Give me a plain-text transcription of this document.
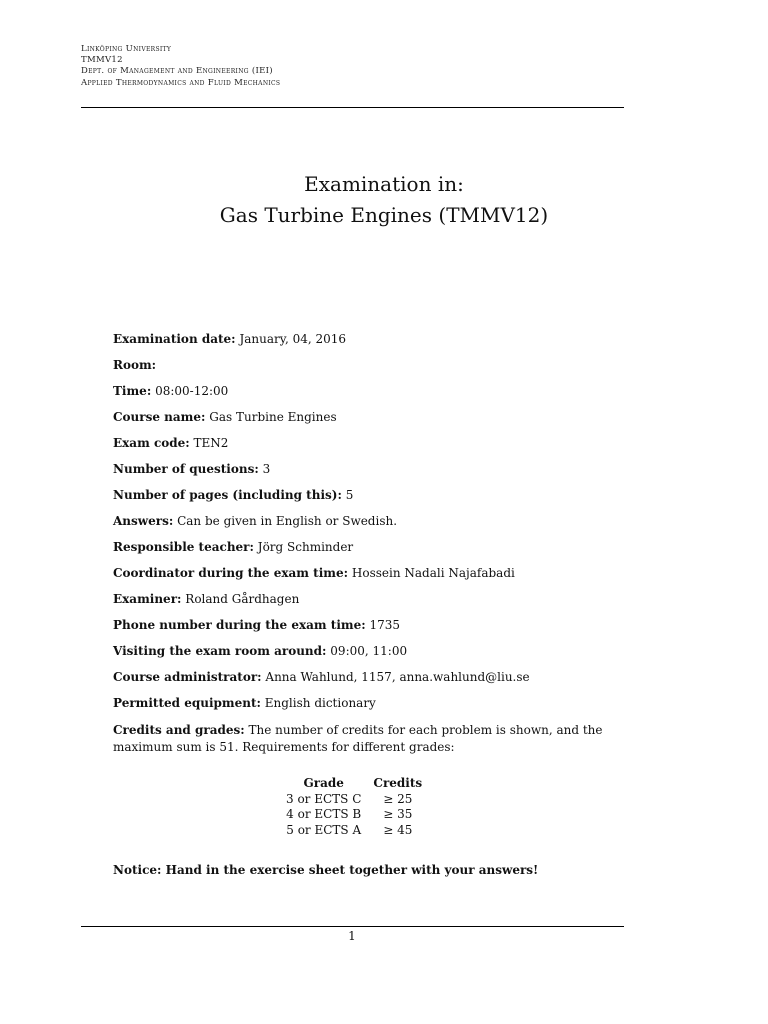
Linköping University
TMMV12
Dept. of Management and Engineering (IEI)
Applied Thermodynamics and Fluid Mechanics
Examination in:
Gas Turbine Engines (TMMV12)
Examination date: January, 04, 2016
Room:
Time: 08:00-12:00
Course name: Gas Turbine Engines
Exam code: TEN2
Number of questions: 3
Number of pages (including this): 5
Answers: Can be given in English or Swedish.
Responsible teacher: Jörg Schminder
Coordinator during the exam time: Hossein Nadali Najafabadi
Examiner: Roland Gårdhagen
Phone number during the exam time: 1735
Visiting the exam room around: 09:00, 11:00
Course administrator: Anna Wahlund, 1157, anna.wahlund@liu.se
Permitted equipment: English dictionary
Credits and grades: The number of credits for each problem is shown, and the maximum sum is 51. Requirements for different grades:
Grade	Credits
3 or ECTS C	≥ 25
4 or ECTS B	≥ 35
5 or ECTS A	≥ 45
Notice: Hand in the exercise sheet together with your answers!
1
